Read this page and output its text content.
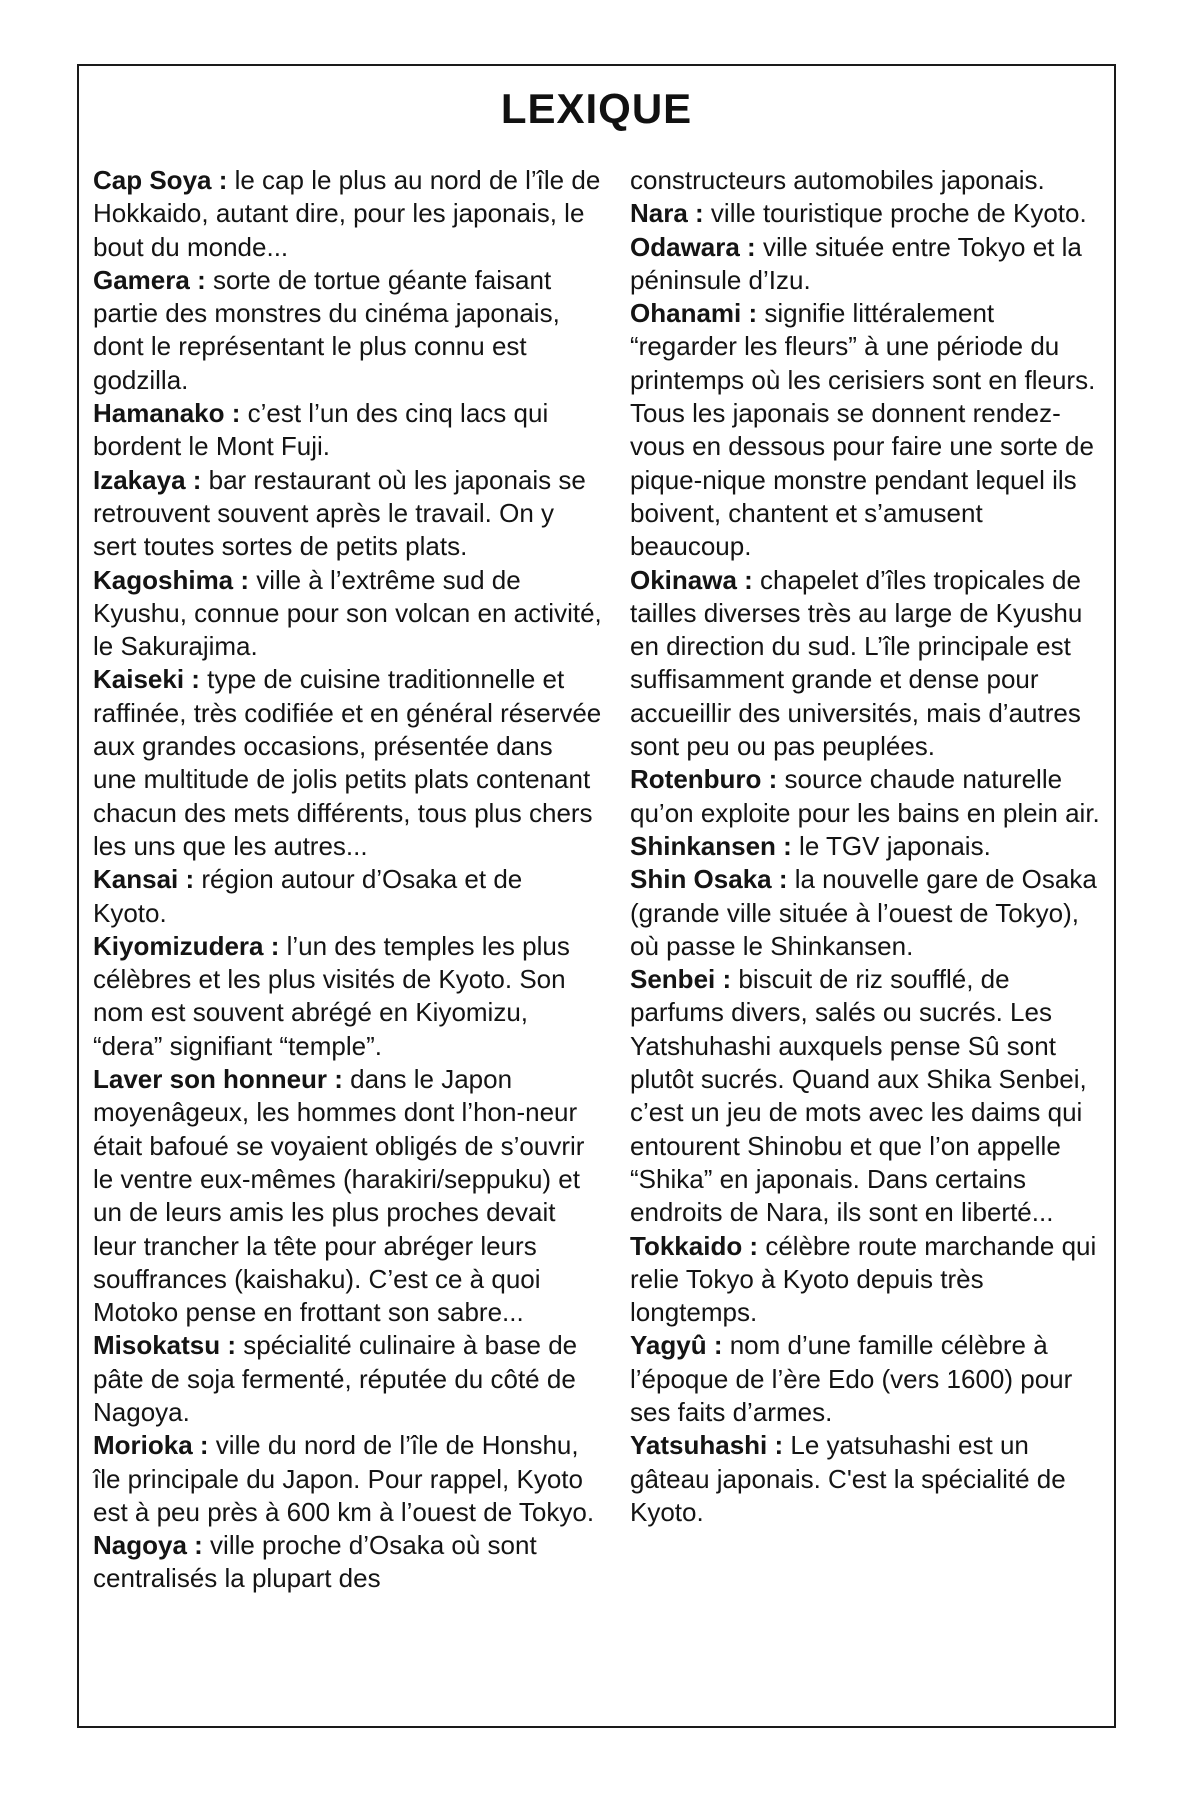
LEXIQUE

Cap Soya : le cap le plus au nord de l’île de Hokkaido, autant dire, pour les japonais, le bout du monde...

Gamera : sorte de tortue géante faisant partie des monstres du cinéma japonais, dont le représentant le plus connu est godzilla.

Hamanako : c’est l’un des cinq lacs qui bordent le Mont Fuji.

Izakaya : bar restaurant où les japonais se retrouvent souvent après le travail. On y sert toutes sortes de petits plats.

Kagoshima : ville à l’extrême sud de Kyushu, connue pour son volcan en activité, le Sakurajima.

Kaiseki : type de cuisine traditionnelle et raffinée, très codifiée et en général réservée aux grandes occasions, présentée dans une multitude de jolis petits plats contenant chacun des mets différents, tous plus chers les uns que les autres...

Kansai : région autour d’Osaka et de Kyoto.

Kiyomizudera : l’un des temples les plus célèbres et les plus visités de Kyoto. Son nom est souvent abrégé en Kiyomizu, “dera” signifiant “temple”.

Laver son honneur : dans le Japon moyenâgeux, les hommes dont l’hon-neur était bafoué se voyaient obligés de s’ouvrir le ventre eux-mêmes (harakiri/seppuku) et un de leurs amis les plus proches devait leur trancher la tête pour abréger leurs souffrances (kaishaku). C’est ce à quoi Motoko pense en frottant son sabre...

Misokatsu : spécialité culinaire à base de pâte de soja fermenté, réputée du côté de Nagoya.

Morioka : ville du nord de l’île de Honshu, île principale du Japon. Pour rappel, Kyoto est à peu près à 600 km à l’ouest de Tokyo.

Nagoya : ville proche d’Osaka où sont centralisés la plupart des

constructeurs automobiles japonais.

Nara : ville touristique proche de Kyoto.

Odawara : ville située entre Tokyo et la péninsule d’Izu.

Ohanami : signifie littéralement “regarder les fleurs” à une période du printemps où les cerisiers sont en fleurs. Tous les japonais se donnent rendez-vous en dessous pour faire une sorte de pique-nique monstre pendant lequel ils boivent, chantent et s’amusent beaucoup.

Okinawa : chapelet d’îles tropicales de tailles diverses très au large de Kyushu en direction du sud. L’île principale est suffisamment grande et dense pour accueillir des universités, mais d’autres sont peu ou pas peuplées.

Rotenburo : source chaude naturelle qu’on exploite pour les bains en plein air.

Shinkansen : le TGV japonais.

Shin Osaka : la nouvelle gare de Osaka (grande ville située à l’ouest de Tokyo), où passe le Shinkansen.

Senbei : biscuit de riz soufflé, de parfums divers, salés ou sucrés. Les Yatshuhashi auxquels pense Sû sont plutôt sucrés. Quand aux Shika Senbei, c’est un jeu de mots avec les daims qui entourent Shinobu et que l’on appelle “Shika” en japonais. Dans certains endroits de Nara, ils sont en liberté...

Tokkaido : célèbre route marchande qui relie Tokyo à Kyoto depuis très longtemps.

Yagyû : nom d’une famille célèbre à l’époque de l’ère Edo (vers 1600) pour ses faits d’armes.

Yatsuhashi : Le yatsuhashi est un gâteau japonais. C'est la spécialité de Kyoto.
